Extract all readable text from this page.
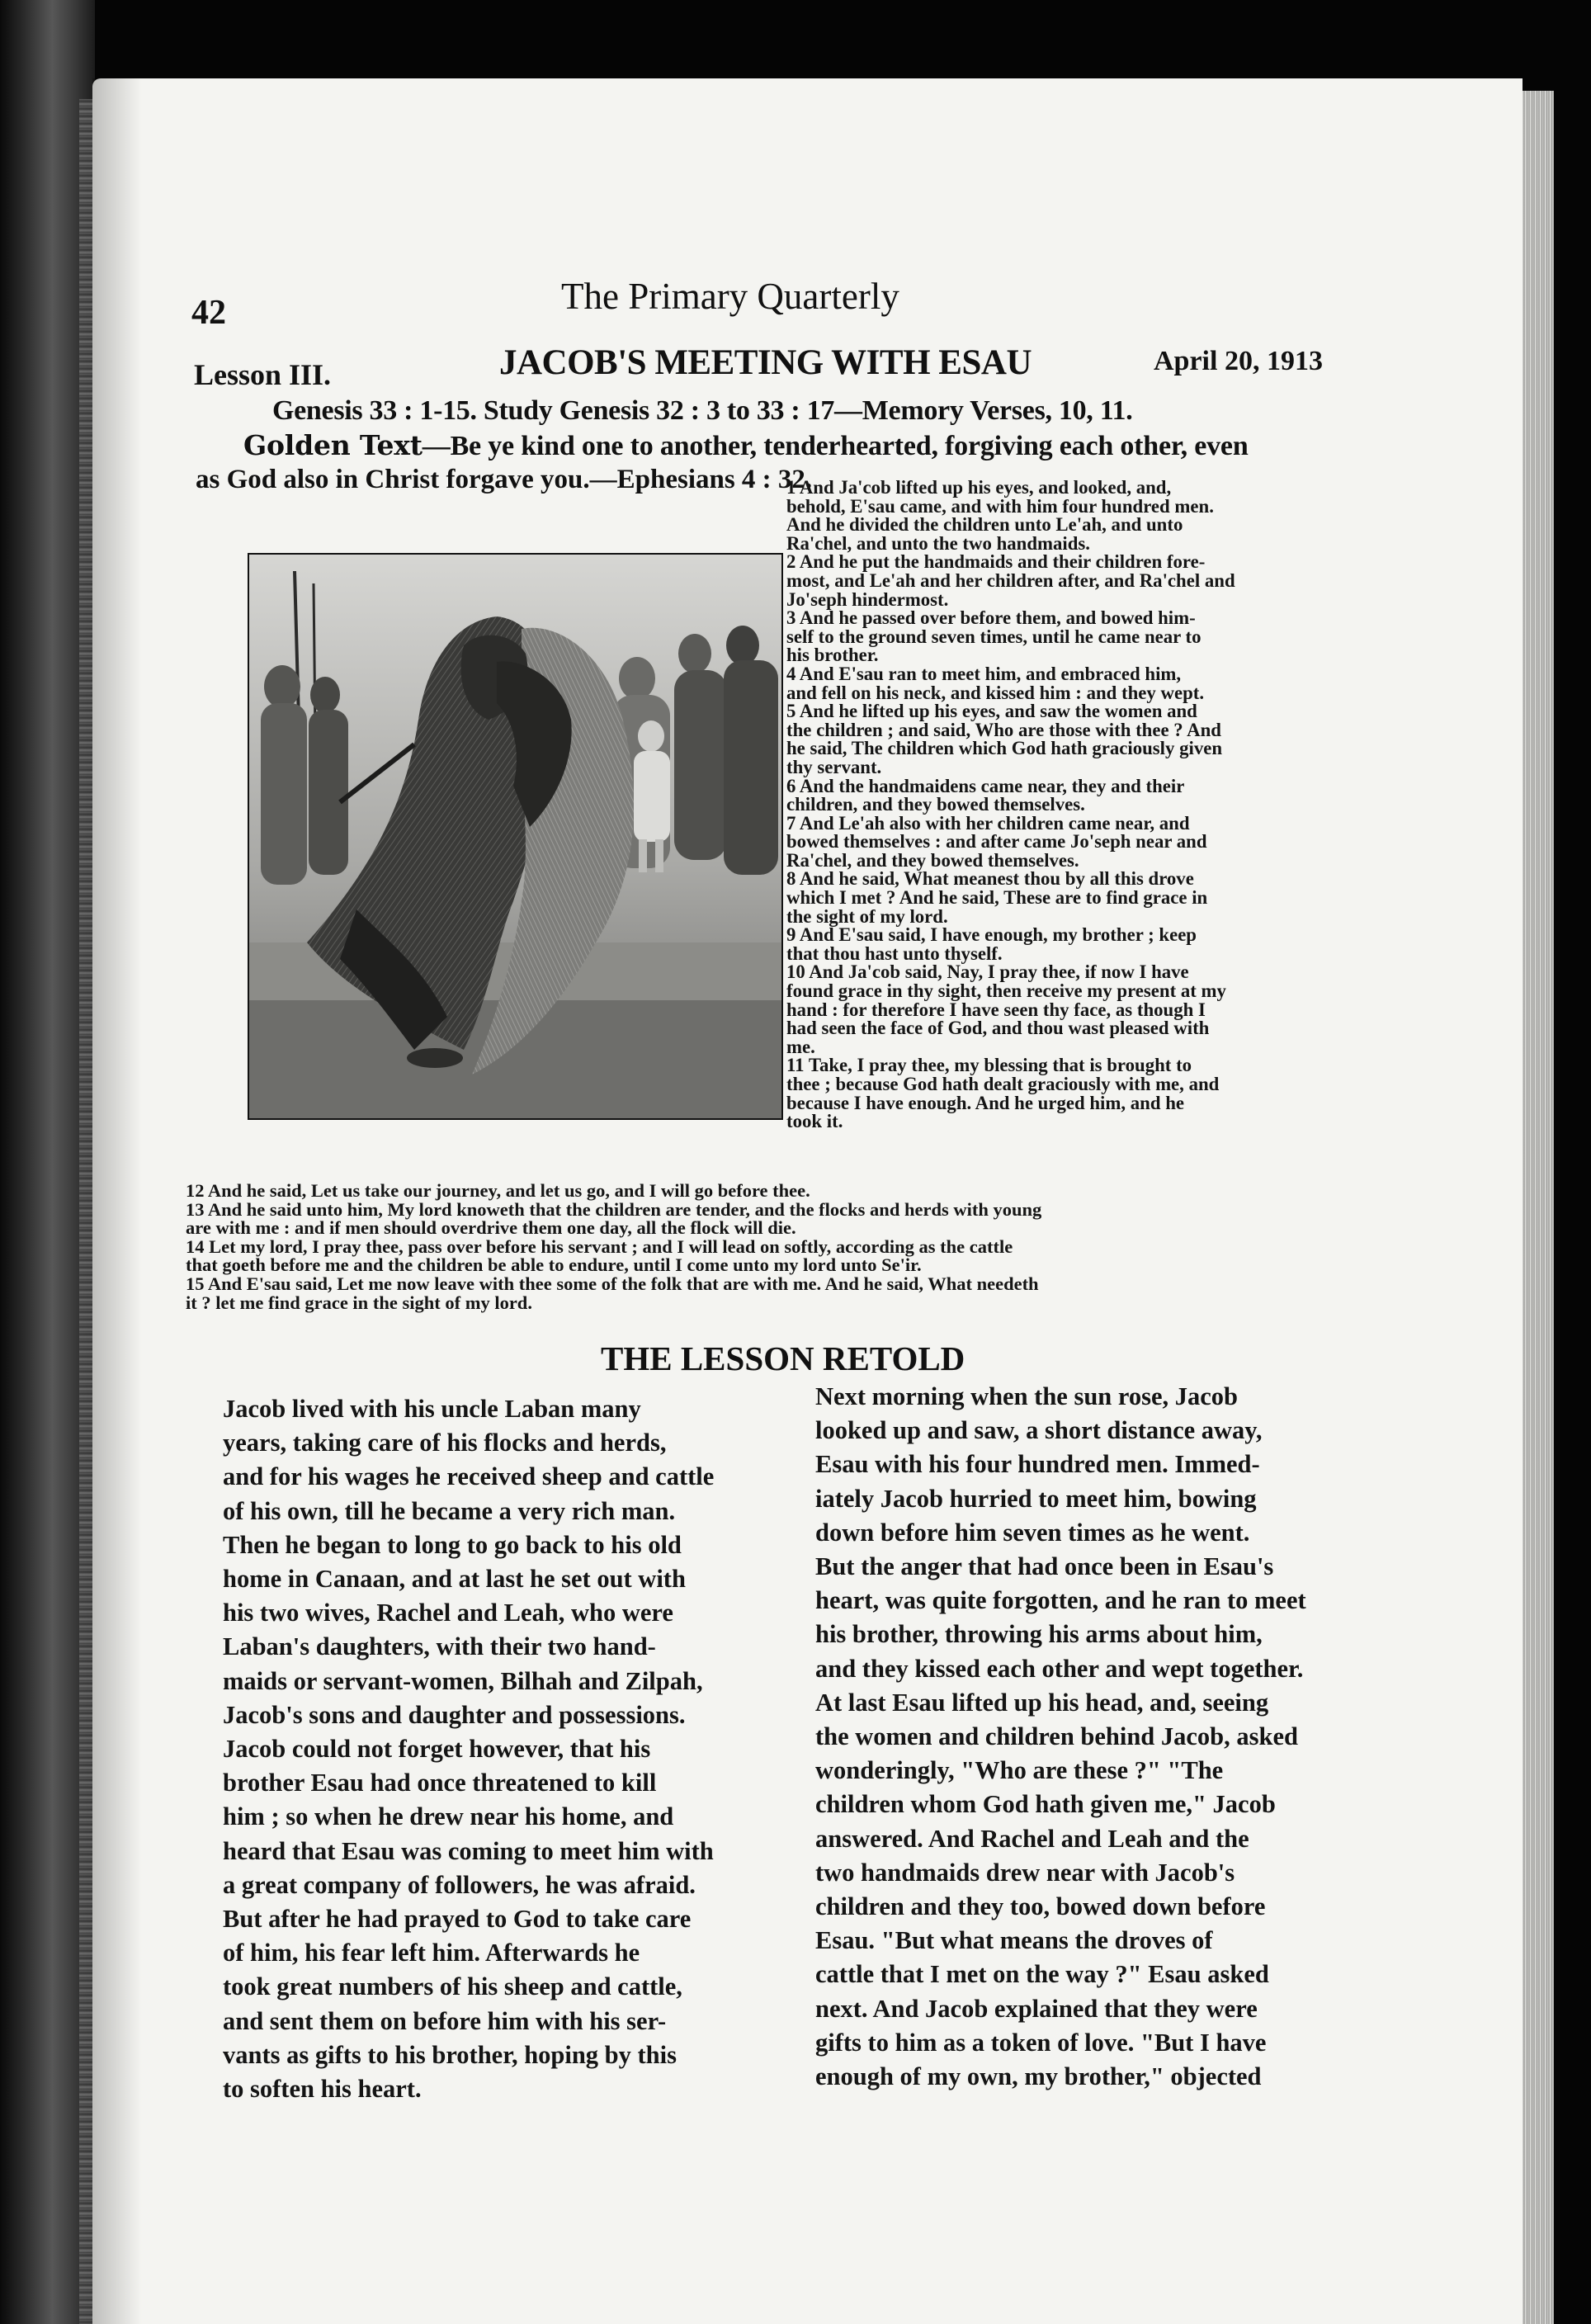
42	The Primary Quarterly
Lesson III.	JACOB'S MEETING WITH ESAU	April 20, 1913
Genesis 33 : 1-15. Study Genesis 32 : 3 to 33 : 17—Memory Verses, 10, 11.
Golden Text—Be ye kind one to another, tenderhearted, forgiving each other, even
as God also in Christ forgave you.—Ephesians 4 : 32.
1 And Ja'cob lifted up his eyes, and looked, and,
behold, E'sau came, and with him four hundred men.
And he divided the children unto Le'ah, and unto
Ra'chel, and unto the two handmaids.
2 And he put the handmaids and their children fore-
most, and Le'ah and her children after, and Ra'chel and
Jo'seph hindermost.
3 And he passed over before them, and bowed him-
self to the ground seven times, until he came near to
his brother.
4 And E'sau ran to meet him, and embraced him,
and fell on his neck, and kissed him : and they wept.
5 And he lifted up his eyes, and saw the women and
the children ; and said, Who are those with thee ? And
he said, The children which God hath graciously given
thy servant.
6 And the handmaidens came near, they and their
children, and they bowed themselves.
7 And Le'ah also with her children came near, and
bowed themselves : and after came Jo'seph near and
Ra'chel, and they bowed themselves.
8 And he said, What meanest thou by all this drove
which I met ? And he said, These are to find grace in
the sight of my lord.
9 And E'sau said, I have enough, my brother ; keep
that thou hast unto thyself.
10 And Ja'cob said, Nay, I pray thee, if now I have
found grace in thy sight, then receive my present at my
hand : for therefore I have seen thy face, as though I
had seen the face of God, and thou wast pleased with
me.
11 Take, I pray thee, my blessing that is brought to
thee ; because God hath dealt graciously with me, and
because I have enough. And he urged him, and he
took it.
12 And he said, Let us take our journey, and let us go, and I will go before thee.
13 And he said unto him, My lord knoweth that the children are tender, and the flocks and herds with young
are with me : and if men should overdrive them one day, all the flock will die.
14 Let my lord, I pray thee, pass over before his servant ; and I will lead on softly, according as the cattle
that goeth before me and the children be able to endure, until I come unto my lord unto Se'ir.
15 And E'sau said, Let me now leave with thee some of the folk that are with me. And he said, What needeth
it ? let me find grace in the sight of my lord.
THE LESSON RETOLD
Jacob lived with his uncle Laban many
years, taking care of his flocks and herds,
and for his wages he received sheep and cattle
of his own, till he became a very rich man.
Then he began to long to go back to his old
home in Canaan, and at last he set out with
his two wives, Rachel and Leah, who were
Laban's daughters, with their two hand-
maids or servant-women, Bilhah and Zilpah,
Jacob's sons and daughter and possessions.
Jacob could not forget however, that his
brother Esau had once threatened to kill
him ; so when he drew near his home, and
heard that Esau was coming to meet him with
a great company of followers, he was afraid.
But after he had prayed to God to take care
of him, his fear left him. Afterwards he
took great numbers of his sheep and cattle,
and sent them on before him with his ser-
vants as gifts to his brother, hoping by this
to soften his heart.
Next morning when the sun rose, Jacob
looked up and saw, a short distance away,
Esau with his four hundred men. Immed-
iately Jacob hurried to meet him, bowing
down before him seven times as he went.
But the anger that had once been in Esau's
heart, was quite forgotten, and he ran to meet
his brother, throwing his arms about him,
and they kissed each other and wept together.
At last Esau lifted up his head, and, seeing
the women and children behind Jacob, asked
wonderingly, "Who are these ?" "The
children whom God hath given me," Jacob
answered. And Rachel and Leah and the
two handmaids drew near with Jacob's
children and they too, bowed down before
Esau. "But what means the droves of
cattle that I met on the way ?" Esau asked
next. And Jacob explained that they were
gifts to him as a token of love. "But I have
enough of my own, my brother," objected
